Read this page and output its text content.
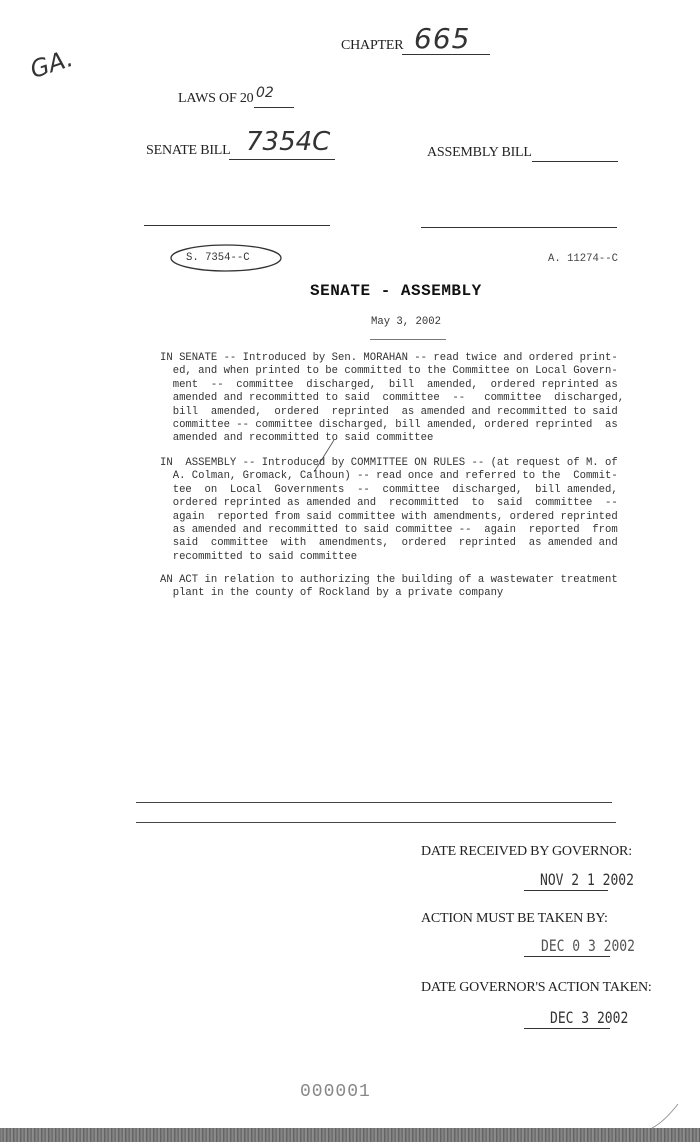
GA.	CHAPTER 665
LAWS OF 20 02
SENATE BILL 7354C	ASSEMBLY BILL
S. 7354--C	A. 11274--C
SENATE - ASSEMBLY
May 3, 2002
IN SENATE -- Introduced by Sen. MORAHAN -- read twice and ordered print-
ed, and when printed to be committed to the Committee on Local Govern-
ment  --  committee  discharged,  bill  amended,  ordered reprinted as
amended and recommitted to said  committee  --   committee  discharged,
bill  amended,  ordered  reprinted  as amended and recommitted to said
committee -- committee discharged, bill amended, ordered reprinted  as
amended and recommitted to said committee
IN  ASSEMBLY -- Introduced by COMMITTEE ON RULES -- (at request of M. of
A. Colman, Gromack, Calhoun) -- read once and referred to the  Commit-
tee  on  Local  Governments  --  committee  discharged,  bill amended,
ordered reprinted as amended and  recommitted  to  said  committee  --
again  reported from said committee with amendments, ordered reprinted
as amended and recommitted to said committee --  again  reported  from
said  committee  with  amendments,  ordered  reprinted  as amended and
recommitted to said committee
AN ACT in relation to authorizing the building of a wastewater treatment
plant in the county of Rockland by a private company
DATE RECEIVED BY GOVERNOR:
NOV 2 1 2002
ACTION MUST BE TAKEN BY:
DEC 0 3 2002
DATE GOVERNOR'S ACTION TAKEN:
DEC 3 2002
000001
